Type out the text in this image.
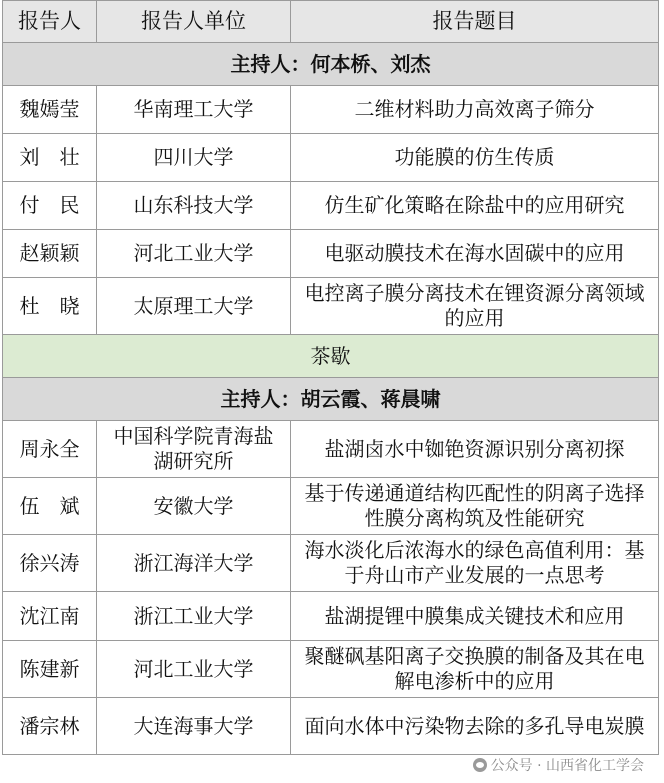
报告人	报告人单位	报告题目
主持人：何本桥、刘杰		
魏嫣莹	华南理工大学	二维材料助力高效离子筛分
刘　壮	四川大学	功能膜的仿生传质
付　民	山东科技大学	仿生矿化策略在除盐中的应用研究
赵颖颖	河北工业大学	电驱动膜技术在海水固碳中的应用
杜　晓	太原理工大学	电控离子膜分离技术在锂资源分离领域的应用
茶歇		
主持人：胡云霞、蒋晨啸		
周永全	中国科学院青海盐湖研究所	盐湖卤水中铷铯资源识别分离初探
伍　斌	安徽大学	基于传递通道结构匹配性的阴离子选择性膜分离构筑及性能研究
徐兴涛	浙江海洋大学	海水淡化后浓海水的绿色高值利用：基于舟山市产业发展的一点思考
沈江南	浙江工业大学	盐湖提锂中膜集成关键技术和应用
陈建新	河北工业大学	聚醚砜基阳离子交换膜的制备及其在电解电渗析中的应用
潘宗林	大连海事大学	面向水体中污染物去除的多孔导电炭膜
公众号 · 山西省化工学会
